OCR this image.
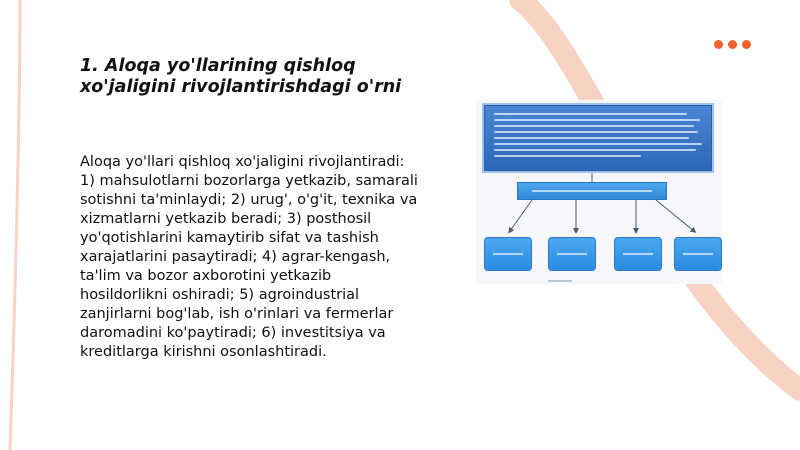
1. Aloqa yo'llarining qishloq xo'jaligini rivojlantirishdagi o'rni

Aloqa yo'llari qishloq xo'jaligini rivojlantiradi: 1) mahsulotlarni bozorlarga yetkazib, samarali sotishni ta'minlaydi; 2) urug', o'g'it, texnika va xizmatlarni yetkazib beradi; 3) posthosil yo'qotishlarini kamaytirib sifat va tashish xarajatlarini pasaytiradi; 4) agrar-kengash, ta'lim va bozor axborotini yetkazib hosildorlikni oshiradi; 5) agroindustrial zanjirlarni bog'lab, ish o'rinlari va fermerlar daromadini ko'paytiradi; 6) investitsiya va kreditlarga kirishni osonlashtiradi.
